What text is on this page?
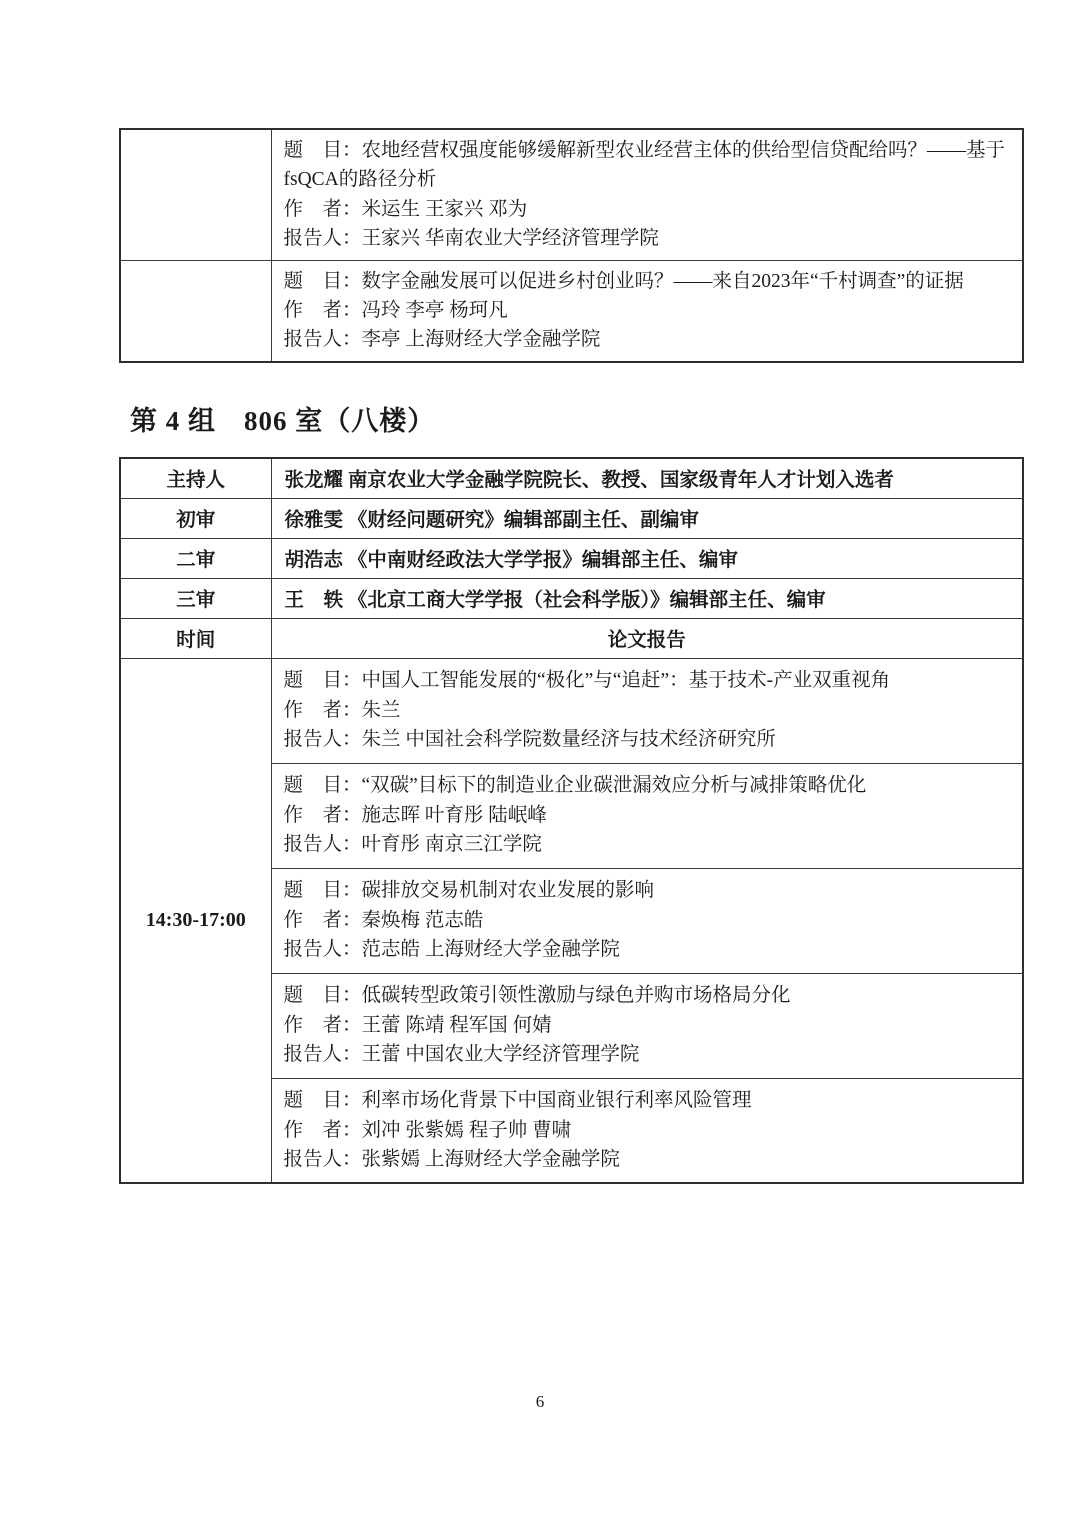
	题　目：农地经营权强度能够缓解新型农业经营主体的供给型信贷配给吗？——基于fsQCA的路径分析
作　者：米运生 王家兴 邓为
报告人：王家兴 华南农业大学经济管理学院

	题　目：数字金融发展可以促进乡村创业吗？——来自2023年“千村调查”的证据
作　者：冯玲 李亭 杨珂凡
报告人：李亭 上海财经大学金融学院
第 4 组　806 室（八楼）
主持人	张龙耀 南京农业大学金融学院院长、教授、国家级青年人才计划入选者
初审	徐雅雯 《财经问题研究》编辑部副主任、副编审
二审	胡浩志 《中南财经政法大学学报》编辑部主任、编审
三审	王　轶 《北京工商大学学报（社会科学版）》编辑部主任、编审
时间	论文报告
14:30-17:00	题　目：中国人工智能发展的“极化”与“追赶”：基于技术-产业双重视角
作　者：朱兰
报告人：朱兰 中国社会科学院数量经济与技术经济研究所

	题　目：“双碳”目标下的制造业企业碳泄漏效应分析与减排策略优化
作　者：施志晖 叶育彤 陆岷峰
报告人：叶育彤 南京三江学院

	题　目：碳排放交易机制对农业发展的影响
作　者：秦焕梅 范志皓
报告人：范志皓 上海财经大学金融学院

	题　目：低碳转型政策引领性激励与绿色并购市场格局分化
作　者：王蕾 陈靖 程军国 何婧
报告人：王蕾 中国农业大学经济管理学院

	题　目：利率市场化背景下中国商业银行利率风险管理
作　者：刘冲 张紫嫣 程子帅 曹啸
报告人：张紫嫣 上海财经大学金融学院
6
